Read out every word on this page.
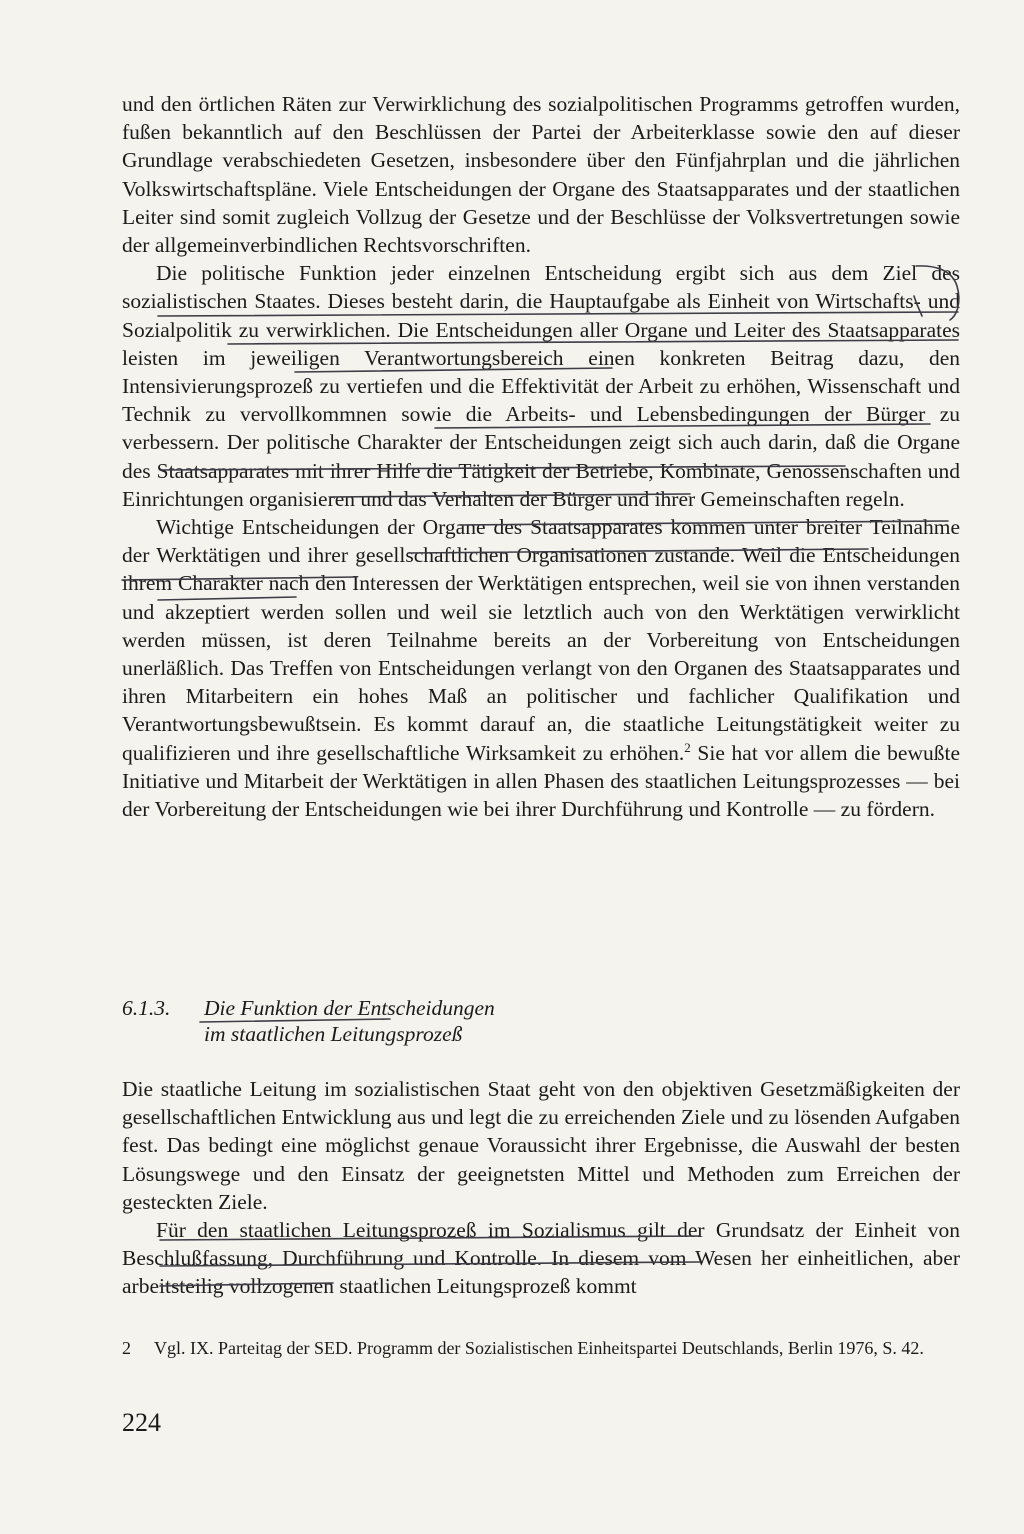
und den örtlichen Räten zur Verwirklichung des sozialpolitischen Programms getroffen wurden, fußen bekanntlich auf den Beschlüssen der Partei der Arbeiterklasse sowie den auf dieser Grundlage verabschiedeten Gesetzen, insbesondere über den Fünfjahrplan und die jährlichen Volkswirtschaftspläne. Viele Entscheidungen der Organe des Staatsapparates und der staatlichen Leiter sind somit zugleich Vollzug der Gesetze und der Beschlüsse der Volksvertretungen sowie der allgemeinverbindlichen Rechtsvorschriften.

Die politische Funktion jeder einzelnen Entscheidung ergibt sich aus dem Ziel des sozialistischen Staates. Dieses besteht darin, die Hauptaufgabe als Einheit von Wirtschafts- und Sozialpolitik zu verwirklichen. Die Entscheidungen aller Organe und Leiter des Staatsapparates leisten im jeweiligen Verantwortungsbereich einen konkreten Beitrag dazu, den Intensivierungsprozeß zu vertiefen und die Effektivität der Arbeit zu erhöhen, Wissenschaft und Technik zu vervollkommnen sowie die Arbeits- und Lebensbedingungen der Bürger zu verbessern. Der politische Charakter der Entscheidungen zeigt sich auch darin, daß die Organe des Staatsapparates mit ihrer Hilfe die Tätigkeit der Betriebe, Kombinate, Genossenschaften und Einrichtungen organisieren und das Verhalten der Bürger und ihrer Gemeinschaften regeln.

Wichtige Entscheidungen der Organe des Staatsapparates kommen unter breiter Teilnahme der Werktätigen und ihrer gesellschaftlichen Organisationen zustande. Weil die Entscheidungen ihrem Charakter nach den Interessen der Werktätigen entsprechen, weil sie von ihnen verstanden und akzeptiert werden sollen und weil sie letztlich auch von den Werktätigen verwirklicht werden müssen, ist deren Teilnahme bereits an der Vorbereitung von Entscheidungen unerläßlich. Das Treffen von Entscheidungen verlangt von den Organen des Staatsapparates und ihren Mitarbeitern ein hohes Maß an politischer und fachlicher Qualifikation und Verantwortungsbewußtsein. Es kommt darauf an, die staatliche Leitungstätigkeit weiter zu qualifizieren und ihre gesellschaftliche Wirksamkeit zu erhöhen.$^2$ Sie hat vor allem die bewußte Initiative und Mitarbeit der Werktätigen in allen Phasen des staatlichen Leitungsprozesses — bei der Vorbereitung der Entscheidungen wie bei ihrer Durchführung und Kontrolle — zu fördern.

6.1.3. Die Funktion der Entscheidungen
im staatlichen Leitungsprozeß

Die staatliche Leitung im sozialistischen Staat geht von den objektiven Gesetzmäßigkeiten der gesellschaftlichen Entwicklung aus und legt die zu erreichenden Ziele und zu lösenden Aufgaben fest. Das bedingt eine möglichst genaue Voraussicht ihrer Ergebnisse, die Auswahl der besten Lösungswege und den Einsatz der geeignetsten Mittel und Methoden zum Erreichen der gesteckten Ziele.

Für den staatlichen Leitungsprozeß im Sozialismus gilt der Grundsatz der Einheit von Beschlußfassung, Durchführung und Kontrolle. In diesem vom Wesen her einheitlichen, aber arbeitsteilig vollzogenen staatlichen Leitungsprozeß kommt

2 Vgl. IX. Parteitag der SED. Programm der Sozialistischen Einheitspartei Deutschlands, Berlin 1976, S. 42.
224
